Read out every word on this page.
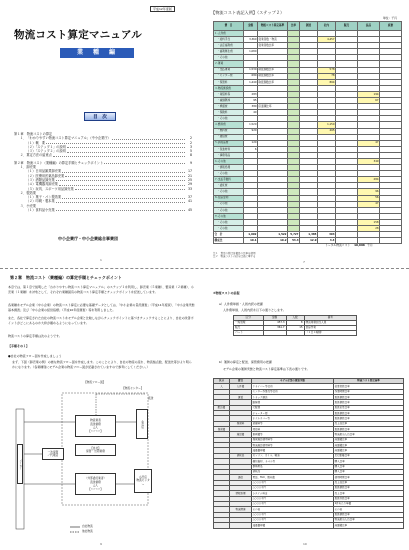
平成12年度版
物流コスト算定マニュアル
業　種　編
目　次
第１章　物流コストの算定
１．「わかりやすい物流コスト算定マニュアル」（中小企業庁）	2
（１）概　要	2
（２）「ステップ１」の説明	3
（３）「ステップ２」の説明	5
２．算定方法の留意点	8
第２章　物流コスト（業種編）の算定手順とチェックポイント	9
１．卸売業
（１）日用品雑貨卸売業	17
（２）医療用医薬品卸売業	21
（３）酒類品卸売業	25
（４）電機器具卸売業	29
（５）玩具、スポーツ用品卸売業	33
２．製造業
（１）菓子・パン製造業	37
（２）印刷・製本業	41
３．小売業
（１）食料品小売業	45
中小企業庁・中小企業総合事業団
1
【物流コスト表記入例】（ステップ２）
単位：千円
費　目	金額	物流コスト算定基準	比率	調達	社内	販売	返品	廃棄
１.人件費								
　・給料手当	3,360	従業者数・物流			4,457			
　・法定福利費		従業者数比率						
　・福利厚生費	1,080							
　・その他								
２.運賃								
　・支払運賃	1,530	取扱個数比率			578			
　・センター費	680	取扱個数比率			78			
　・保管料	1,440	取扱個数比率			864			
３.物流施設費								
　・賃借料等	283						194	
　・減価償却	95						67	
　・修繕費	380	床面積比率						
　・保険料	40							
　・その他								
４.燃料費	1,520				1,150			
　・燃料費	920				465			
　・通信費								
５.消耗品費	120						47	
　・包装材料	6							
　・事務用品								
６.その他							349	
　・情報処理								
　・その他								
７.支払手数料							284	
　・委託費								
　・その他							96	
８.在庫金利							56	
　・その他							47	
　・その他								
９.その他								
　・その他							158	
　・その他							28	
合　計	1,092	1,522	5,727	1,385	394			
構成比	10.1	10.2	53.3	12.9	3.3			
トータル物流コスト 10,696 千円
注１　算定の際は各費目の比率を使用
注２　物流コストの区分は表に準ずる
7
第２章　物流コスト（業種編）の算定手順とチェックポイント
本章では、第１章で説明した「わかりやすい物流コスト算定マニュアル」のステップ１を利用し、卸売業（５業種）、製造業（２業種）、小売業（１業種）を対象として、それぞれ業種固有の物流コスト算定手順とチェックポイントを記述しています。
各業種をモデル企業（中小企業）の物流コスト算定に必要な基礎データとしては、「中小企業の景況調査」（平成11年度版）、「中小企業実態基本調査」及び「中小企業の経営指標」（平成10年度調査）等を利用しました。
また、各社で算定された自社の物流コストをモデル企業と比較しながらチェックポイントに基づきチェックすることにより、自社の改善ポイントがどこにあるのか大枠が掴めるようになっています。
物流コストの算定手順は次のようです。
【手順その１】
●自社の物流フロー図を作成しましょう
まず、下図（卸売業の例）の様な物流フロー図を作成します。このことにより、自社の物流の流れ、物流拠点数、配送先等がより明らかになります。（各業種別にモデル企業の物流フロー図が記載されていますので参考にしてください。）
【物流フロー図】
【物流センター】
メーカー
物流業者
直送業務
△人
【☆☆☆☆】
【自社】
保管・出荷業務
（外部委託業者）
直送業務
△人
【☆☆☆☆】
一次保管
／代理店
小売店
小売店
物流センター
直送
自社物流
他社物流
9
②物流コストの前提
a）人件費単価・人員内訳の把握
人件費単価、人員内訳を以下の通りとします。
区分	金額	人数	備考
一般管理	457.3	8	物流業務担当人員
販売	361.7	15	倉庫作業
パート			（１日４時間）
b）運賃の算定と配送、保管費用の把握
モデル企業の運賃実態と物流コスト算定基準は下表の通りです。
区分	費目	モデル企業の運賃実態	物流コスト算定基準
人	人件費	ドライバー等社内	従業者数比率
		センター作業員等社内	作業時間比率
	運賃	トラック運送	取扱個数比率
		路線便	取扱個数比率
配送費		宅配便	取扱重量比率
		チャーター便	取扱個数比率
		ホテルカバー等	取扱個数比率
	保管料	倉庫料等	売上高比率
保管費		荷役料	取扱個数比率
	施設費	車両費等	物流担当人員比率
		保管施設使用料等	床面積比率
		物流施設使用料等	床面積比率
		減価償却費	床面積比率
	消耗品	ガソリン、オイル、軽油	走行距離比率
		梱包資材、ラベル等	購入比率
		事務用品	購入比率
		消耗品	購入比率
	通信	電話、FAX、端末費	使用時間比率
		△○○○千円	売上高比率
		△○○○千円	取扱個数比率
	情報処理	システム料金	売上比率
		△○○○千円	取扱件数比率
		△○○○千円	1件あたり単価
	物流関連	その他	その他
		△○○○千円	取扱個数比率
		△○○○千円	物流担当人員比率
		減価償却費	床面積比率
10
